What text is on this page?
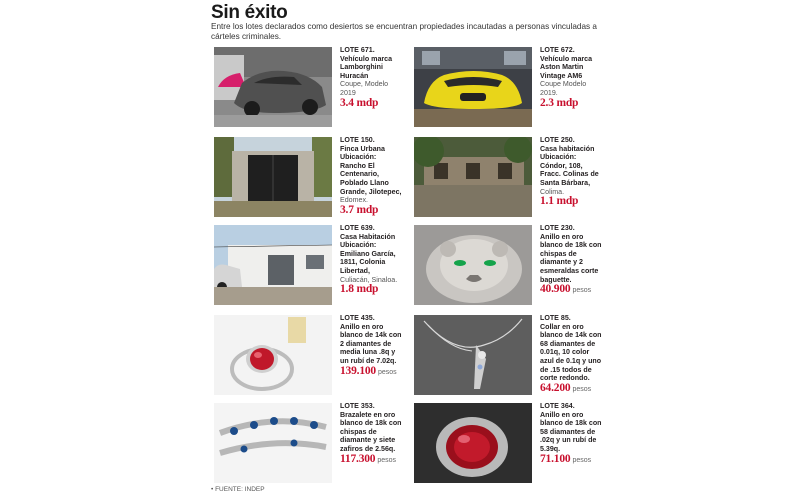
Sin éxito
Entre los lotes declarados como desiertos se encuentran propiedades incautadas a personas vinculadas a cárteles criminales.
LOTE 671.
Vehículo marca Lamborghini Huracán
Coupe, Modelo 2019
3.4 mdp
LOTE 672.
Vehículo marca Aston Martin Vintage AM6
Coupe Modelo 2019.
2.3 mdp
LOTE 150.
Finca Urbana Ubicación: Rancho El Centenario, Poblado Llano Grande, Jilotepec,
Edomex.
3.7 mdp
LOTE 250.
Casa habitación Ubicación: Cóndor, 108, Fracc. Colinas de Santa Bárbara,
Colima.
1.1 mdp
LOTE 639.
Casa Habitación Ubicación: Emiliano García, 1811, Colonia Libertad,
Culiacán, Sinaloa.
1.8 mdp
LOTE 230.
Anillo en oro blanco de 18k con chispas de diamante y 2 esmeraldas corte baguette.
40.900 pesos
LOTE 435.
Anillo en oro blanco de 14k con 2 diamantes de media luna .8q y un rubí de 7.02q.
139.100 pesos
LOTE 85.
Collar en oro blanco de 14k con 68 diamantes de 0.01q, 10 color azul de 0.1q y uno de .15 todos de corte redondo.
64.200 pesos
LOTE 353.
Brazalete en oro blanco de 18k con chispas de diamante y siete zafiros de 2.56q.
117.300 pesos
LOTE 364.
Anillo en oro blanco de 18k con 58 diamantes de .02q y un rubí de 5.39q.
71.100 pesos
• FUENTE: INDEP
